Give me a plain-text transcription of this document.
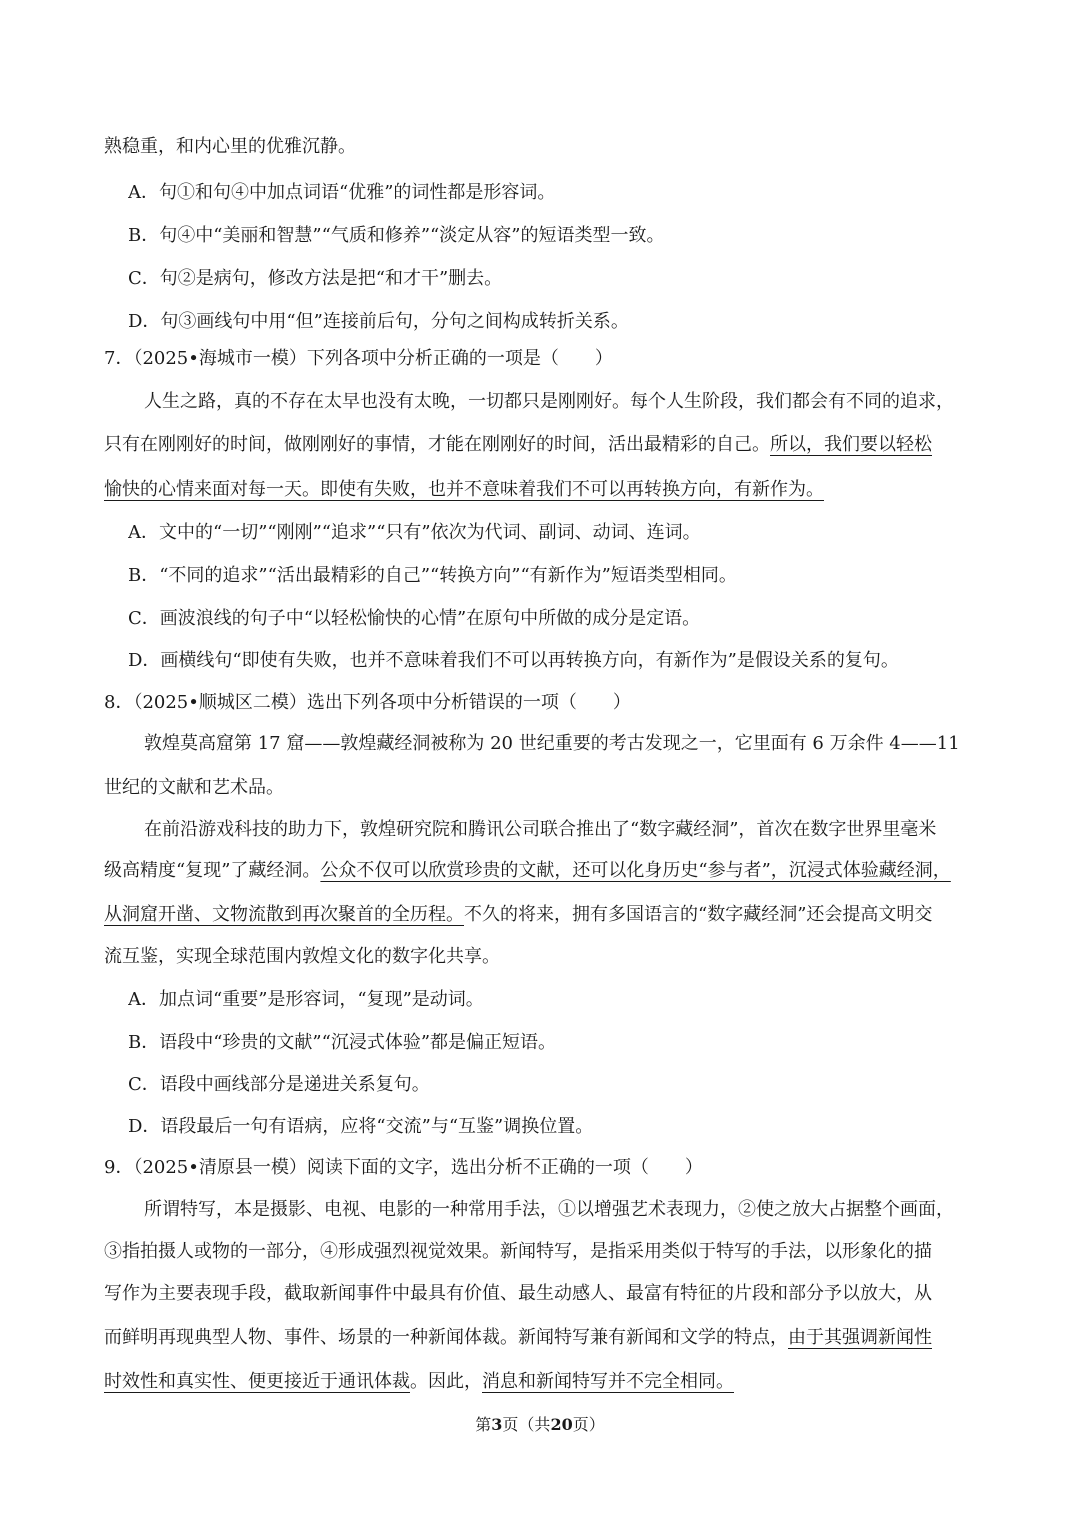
熟稳重，和内心里的优雅沉静。
A．句①和句④中加点词语“优雅”的词性都是形容词。
B．句④中“美丽和智慧”“气质和修养”“淡定从容”的短语类型一致。
C．句②是病句，修改方法是把“和才干”删去。
D．句③画线句中用“但”连接前后句，分句之间构成转折关系。
7．（2025•海城市一模）下列各项中分析正确的一项是（　　）
人生之路，真的不存在太早也没有太晚，一切都只是刚刚好。每个人生阶段，我们都会有不同的追求，
只有在刚刚好的时间，做刚刚好的事情，才能在刚刚好的时间，活出最精彩的自己。所以，我们要以轻松
愉快的心情来面对每一天。即使有失败，也并不意味着我们不可以再转换方向，有新作为。
A．文中的“一切”“刚刚”“追求”“只有”依次为代词、副词、动词、连词。
B．“不同的追求”“活出最精彩的自己”“转换方向”“有新作为”短语类型相同。
C．画波浪线的句子中“以轻松愉快的心情”在原句中所做的成分是定语。
D．画横线句“即使有失败，也并不意味着我们不可以再转换方向，有新作为”是假设关系的复句。
8．（2025•顺城区二模）选出下列各项中分析错误的一项（　　）
敦煌莫高窟第 17 窟——敦煌藏经洞被称为 20 世纪重要的考古发现之一，它里面有 6 万余件 4——11
世纪的文献和艺术品。
在前沿游戏科技的助力下，敦煌研究院和腾讯公司联合推出了“数字藏经洞”，首次在数字世界里毫米
级高精度“复现”了藏经洞。公众不仅可以欣赏珍贵的文献，还可以化身历史“参与者”，沉浸式体验藏经洞，
从洞窟开凿、文物流散到再次聚首的全历程。不久的将来，拥有多国语言的“数字藏经洞”还会提高文明交
流互鉴，实现全球范围内敦煌文化的数字化共享。
A．加点词“重要”是形容词，“复现”是动词。
B．语段中“珍贵的文献”“沉浸式体验”都是偏正短语。
C．语段中画线部分是递进关系复句。
D．语段最后一句有语病，应将“交流”与“互鉴”调换位置。
9．（2025•清原县一模）阅读下面的文字，选出分析不正确的一项（　　）
所谓特写，本是摄影、电视、电影的一种常用手法，①以增强艺术表现力，②使之放大占据整个画面，
③指拍摄人或物的一部分，④形成强烈视觉效果。新闻特写，是指采用类似于特写的手法，以形象化的描
写作为主要表现手段，截取新闻事件中最具有价值、最生动感人、最富有特征的片段和部分予以放大，从
而鲜明再现典型人物、事件、场景的一种新闻体裁。新闻特写兼有新闻和文学的特点，由于其强调新闻性
时效性和真实性、便更接近于通讯体裁。因此，消息和新闻特写并不完全相同。
第3页（共20页）
